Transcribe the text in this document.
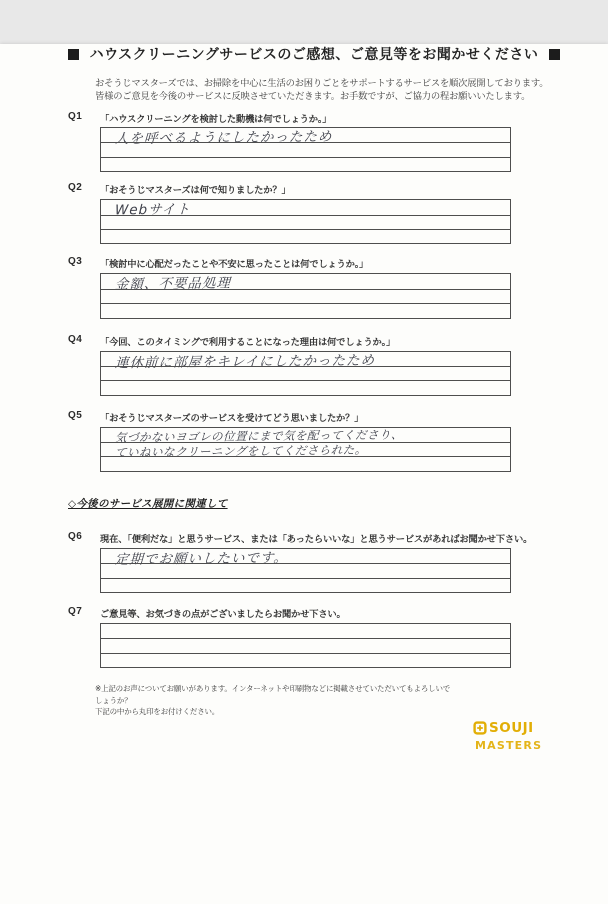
ハウスクリーニングサービスのご感想、ご意見等をお聞かせください
おそうじマスターズでは、お掃除を中心に生活のお困りごとをサポートするサービスを順次展開しております。
皆様のご意見を今後のサービスに反映させていただきます。お手数ですが、ご協力の程お願いいたします。
Q1	「ハウスクリーニングを検討した動機は何でしょうか。」
人を呼べるようにしたかったため
Q2	「おそうじマスターズは何で知りましたか？」
Webサイト
Q3	「検討中に心配だったことや不安に思ったことは何でしょうか。」
金額、不要品処理
Q4	「今回、このタイミングで利用することになった理由は何でしょうか。」
連休前に部屋をキレイにしたかったため
Q5	「おそうじマスターズのサービスを受けてどう思いましたか？」
気づかないヨゴレの位置にまで気を配ってくださり、
ていねいなクリーニングをしてくださられた。
◇今後のサービス展開に関連して
Q6	現在、「便利だな」と思うサービス、または「あったらいいな」と思うサービスがあればお聞かせ下さい。
定期でお願いしたいです。
Q7	ご意見等、お気づきの点がございましたらお聞かせ下さい。
※上記のお声についてお願いがあります。インターネットや印刷物などに掲載させていただいてもよろしいでしょうか？
下記の中から丸印をお付けください。
SOUJI
MASTERS
